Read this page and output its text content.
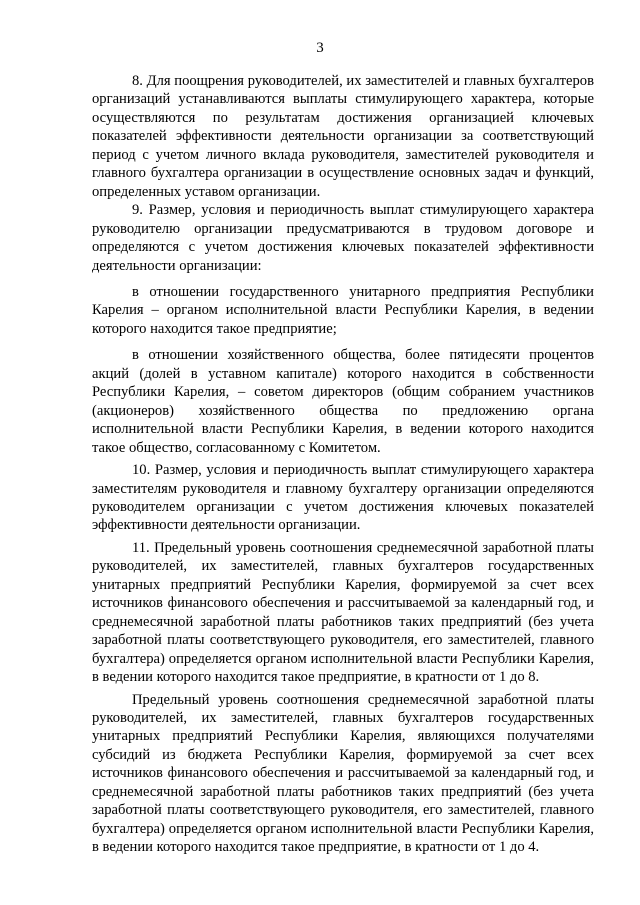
3

8. Для поощрения руководителей, их заместителей и главных бухгалтеров организаций устанавливаются выплаты стимулирующего характера, которые осуществляются по результатам достижения организацией ключевых показателей эффективности деятельности организации за соответствующий период с учетом личного вклада руководителя, заместителей руководителя и главного бухгалтера организации в осуществление основных задач и функций, определенных уставом организации.

9. Размер, условия и периодичность выплат стимулирующего характера руководителю организации предусматриваются в трудовом договоре и определяются с учетом достижения ключевых показателей эффективности деятельности организации:

в отношении государственного унитарного предприятия Республики Карелия – органом исполнительной власти Республики Карелия, в ведении которого находится такое предприятие;

в отношении хозяйственного общества, более пятидесяти процентов акций (долей в уставном капитале) которого находится в собственности Республики Карелия, – советом директоров (общим собранием участников (акционеров) хозяйственного общества по предложению органа исполнительной власти Республики Карелия, в ведении которого находится такое общество, согласованному с Комитетом.

10. Размер, условия и периодичность выплат стимулирующего характера заместителям руководителя и главному бухгалтеру организации определяются руководителем организации с учетом достижения ключевых показателей эффективности деятельности организации.

11. Предельный уровень соотношения среднемесячной заработной платы руководителей, их заместителей, главных бухгалтеров государственных унитарных предприятий Республики Карелия, формируемой за счет всех источников финансового обеспечения и рассчитываемой за календарный год, и среднемесячной заработной платы работников таких предприятий (без учета заработной платы соответствующего руководителя, его заместителей, главного бухгалтера) определяется органом исполнительной власти Республики Карелия, в ведении которого находится такое предприятие, в кратности от 1 до 8.

Предельный уровень соотношения среднемесячной заработной платы руководителей, их заместителей, главных бухгалтеров государственных унитарных предприятий Республики Карелия, являющихся получателями субсидий из бюджета Республики Карелия, формируемой за счет всех источников финансового обеспечения и рассчитываемой за календарный год, и среднемесячной заработной платы работников таких предприятий (без учета заработной платы соответствующего руководителя, его заместителей, главного бухгалтера) определяется органом исполнительной власти Республики Карелия, в ведении которого находится такое предприятие, в кратности от 1 до 4.
